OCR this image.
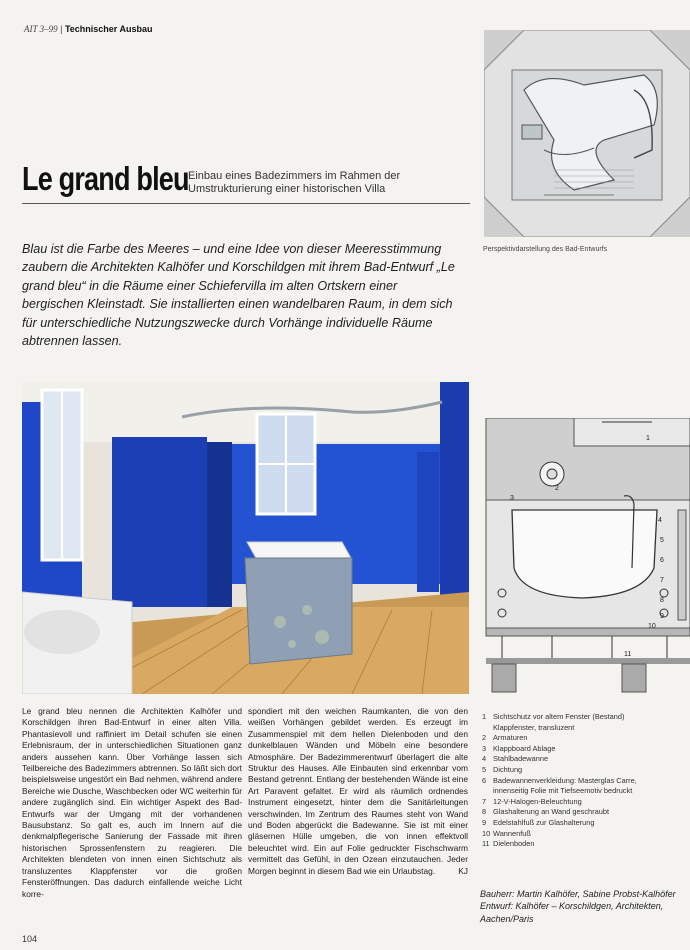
AIT 3–99 | Technischer Ausbau
Le grand bleu Einbau eines Badezimmers im Rahmen der Umstrukturierung einer historischen Villa
Perspektivdarstellung des Bad-Entwurfs
Blau ist die Farbe des Meeres – und eine Idee von dieser Meeresstimmung zaubern die Architekten Kalhöfer und Korschildgen mit ihrem Bad-Entwurf „Le grand bleu“ in die Räume einer Schiefervilla im alten Ortskern einer bergischen Kleinstadt. Sie installierten einen wandelbaren Raum, in dem sich für unterschiedliche Nutzungszwecke durch Vorhänge individuelle Räume abtrennen lassen.
1
2
3
4
5
6
7
8
9
10
11
Le grand bleu nennen die Architekten Kalhöfer und Korschildgen ihren Bad-Entwurf in einer alten Villa. Phantasievoll und raffiniert im Detail schufen sie einen Erlebnisraum, der in unterschiedlichen Situationen ganz anders aussehen kann. Über Vorhänge lassen sich Teilbereiche des Badezimmers abtrennen. So läßt sich dort beispielsweise ungestört ein Bad nehmen, während andere Bereiche wie Dusche, Waschbecken oder WC weiterhin für andere zugänglich sind. Ein wichtiger Aspekt des Bad-Entwurfs war der Umgang mit der vorhandenen Bausubstanz. So galt es, auch im Innern auf die denkmalpflegerische Sanierung der Fassade mit ihren historischen Sprossenfenstern zu reagieren. Die Architekten blendeten von innen einen Sichtschutz als transluzentes Klappfenster vor die großen Fensteröffnungen. Das dadurch einfallende weiche Licht korre-
spondiert mit den weichen Raumkanten, die von den weißen Vorhängen gebildet werden. Es erzeugt im Zusammenspiel mit dem hellen Dielenboden und den dunkelblauen Wänden und Möbeln eine besondere Atmosphäre. Der Badezimmerentwurf überlagert die alte Struktur des Hauses. Alle Einbauten sind erkennbar vom Bestand getrennt. Entlang der bestehenden Wände ist eine Art Paravent gefaltet. Er wird als räumlich ordnendes Instrument eingesetzt, hinter dem die Sanitärleitungen verschwinden. Im Zentrum des Raumes steht von Wand und Boden abgerückt die Badewanne. Sie ist mit einer gläsernen Hülle umgeben, die von innen effektvoll beleuchtet wird. Ein auf Folie gedruckter Fischschwarm vermittelt das Gefühl, in den Ozean einzutauchen. Jeder Morgen beginnt in diesem Bad wie ein Urlaubstag.	KJ
1 Sichtschutz vor altem Fenster (Bestand)
Klappfenster, transluzent
2 Armaturen
3 Klappboard Ablage
4 Stahlbadewanne
5 Dichtung
6 Badewannenverkleidung: Masterglas Carre,
innenseitig Folie mit Tiefseemotiv bedruckt
7 12-V-Halogen-Beleuchtung
8 Glashalterung an Wand geschraubt
9 Edelstahlfuß zur Glashalterung
10 Wannenfuß
11 Dielenboden
Bauherr: Martin Kalhöfer, Sabine Probst-Kalhöfer
Entwurf: Kalhöfer – Korschildgen, Architekten, Aachen/Paris
104
